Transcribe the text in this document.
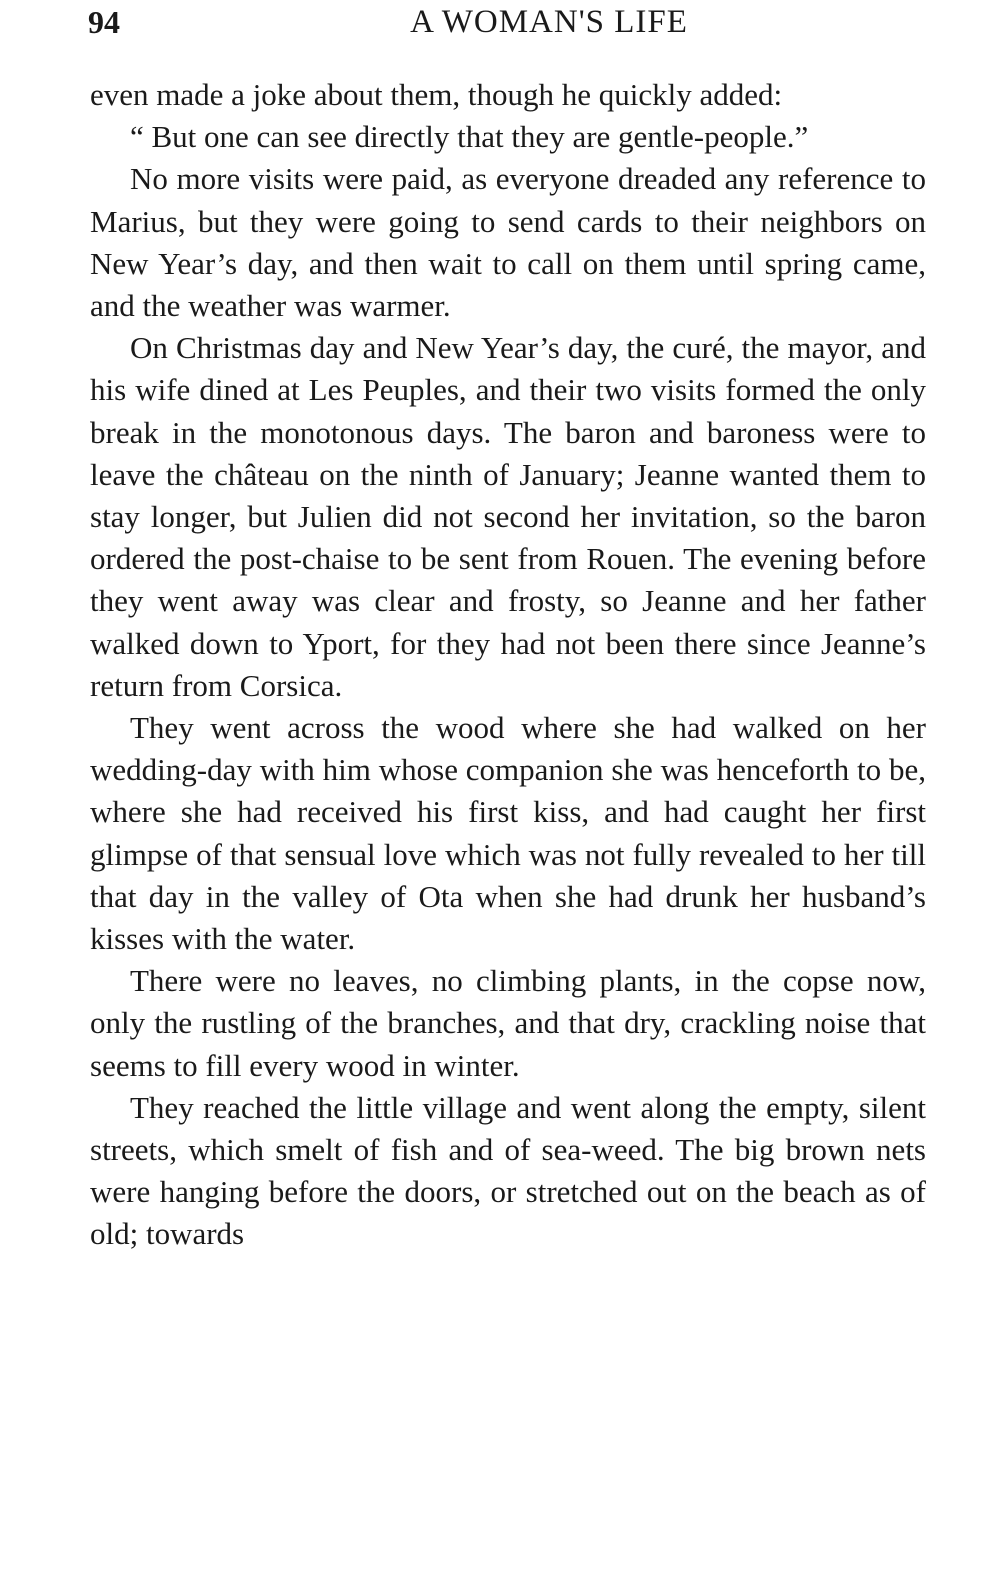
94	A WOMAN'S LIFE

even made a joke about them, though he quickly added:

“ But one can see directly that they are gentle-people.”

No more visits were paid, as everyone dreaded any reference to Marius, but they were going to send cards to their neighbors on New Year’s day, and then wait to call on them until spring came, and the weather was warmer.

On Christmas day and New Year’s day, the curé, the mayor, and his wife dined at Les Peuples, and their two visits formed the only break in the monotonous days. The baron and baroness were to leave the château on the ninth of January; Jeanne wanted them to stay longer, but Julien did not second her invitation, so the baron ordered the post-chaise to be sent from Rouen. The evening before they went away was clear and frosty, so Jeanne and her father walked down to Yport, for they had not been there since Jeanne’s return from Corsica.

They went across the wood where she had walked on her wedding-day with him whose companion she was henceforth to be, where she had received his first kiss, and had caught her first glimpse of that sensual love which was not fully revealed to her till that day in the valley of Ota when she had drunk her husband’s kisses with the water.

There were no leaves, no climbing plants, in the copse now, only the rustling of the branches, and that dry, crackling noise that seems to fill every wood in winter.

They reached the little village and went along the empty, silent streets, which smelt of fish and of sea-weed. The big brown nets were hanging before the doors, or stretched out on the beach as of old; towards
